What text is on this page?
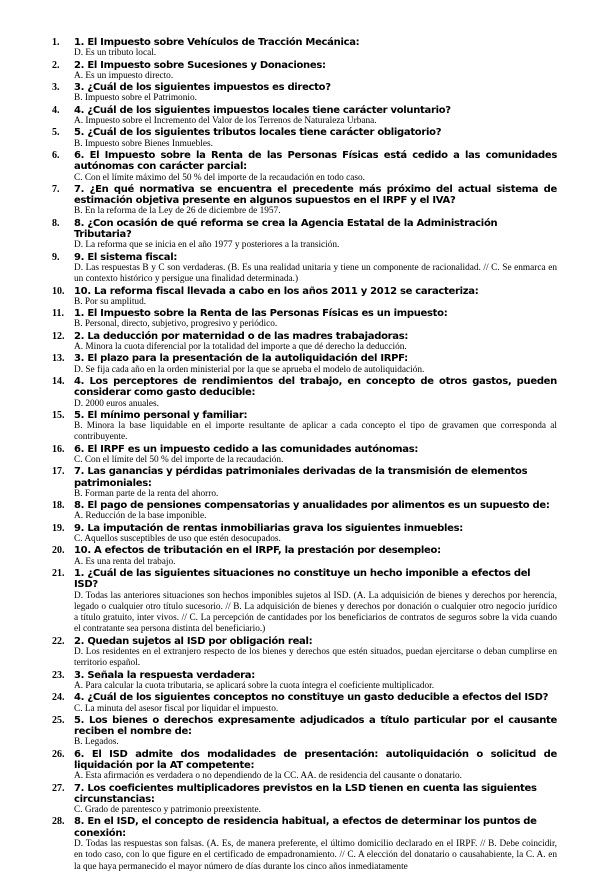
1.	1. El Impuesto sobre Vehículos de Tracción Mecánica:
D. Es un tributo local.
2.	2. El Impuesto sobre Sucesiones y Donaciones:
A. Es un impuesto directo.
3.	3. ¿Cuál de los siguientes impuestos es directo?
B. Impuesto sobre el Patrimonio.
4.	4. ¿Cuál de los siguientes impuestos locales tiene carácter voluntario?
A. Impuesto sobre el Incremento del Valor de los Terrenos de Naturaleza Urbana.
5.	5. ¿Cuál de los siguientes tributos locales tiene carácter obligatorio?
B. Impuesto sobre Bienes Inmuebles.
6.	6. El Impuesto sobre la Renta de las Personas Físicas está cedido a las comunidades autónomas con carácter parcial:
C. Con el límite máximo del 50 % del importe de la recaudación en todo caso.
7.	7. ¿En qué normativa se encuentra el precedente más próximo del actual sistema de estimación objetiva presente en algunos supuestos en el IRPF y el IVA?
B. En la reforma de la Ley de 26 de diciembre de 1957.
8.	8. ¿Con ocasión de qué reforma se crea la Agencia Estatal de la Administración Tributaria?
D. La reforma que se inicia en el año 1977 y posteriores a la transición.
9.	9. El sistema fiscal:
D. Las respuestas B y C son verdaderas. (B. Es una realidad unitaria y tiene un componente de racionalidad. // C. Se enmarca en un contexto histórico y persigue una finalidad determinada.)
10. 10. La reforma fiscal llevada a cabo en los años 2011 y 2012 se caracteriza:
B. Por su amplitud.
11.	1. El Impuesto sobre la Renta de las Personas Físicas es un impuesto:
B. Personal, directo, subjetivo, progresivo y periódico.
12. 2. La deducción por maternidad o de las madres trabajadoras:
A. Minora la cuota diferencial por la totalidad del importe a que dé derecho la deducción.
13. 3. El plazo para la presentación de la autoliquidación del IRPF:
D. Se fija cada año en la orden ministerial por la que se aprueba el modelo de autoliquidación.
14. 4. Los perceptores de rendimientos del trabajo, en concepto de otros gastos, pueden considerar como gasto deducible:
D. 2000 euros anuales.
15. 5. El mínimo personal y familiar:
B. Minora la base liquidable en el importe resultante de aplicar a cada concepto el tipo de gravamen que corresponda al contribuyente.
16. 6. El IRPF es un impuesto cedido a las comunidades autónomas:
C. Con el límite del 50 % del importe de la recaudación.
17. 7. Las ganancias y pérdidas patrimoniales derivadas de la transmisión de elementos patrimoniales:
B. Forman parte de la renta del ahorro.
18. 8. El pago de pensiones compensatorias y anualidades por alimentos es un supuesto de:
A. Reducción de la base imponible.
19. 9. La imputación de rentas inmobiliarias grava los siguientes inmuebles:
C. Aquellos susceptibles de uso que estén desocupados.
20. 10. A efectos de tributación en el IRPF, la prestación por desempleo:
A. Es una renta del trabajo.
21. 1. ¿Cuál de las siguientes situaciones no constituye un hecho imponible a efectos del ISD?
D. Todas las anteriores situaciones son hechos imponibles sujetos al ISD. (A. La adquisición de bienes y derechos por herencia, legado o cualquier otro título sucesorio. // B. La adquisición de bienes y derechos por donación o cualquier otro negocio jurídico a título gratuito, inter vivos. // C. La percepción de cantidades por los beneficiarios de contratos de seguros sobre la vida cuando el contratante sea persona distinta del beneficiario.)
22. 2. Quedan sujetos al ISD por obligación real:
D. Los residentes en el extranjero respecto de los bienes y derechos que estén situados, puedan ejercitarse o deban cumplirse en territorio español.
23. 3. Señala la respuesta verdadera:
A. Para calcular la cuota tributaria, se aplicará sobre la cuota íntegra el coeficiente multiplicador.
24. 4. ¿Cuál de los siguientes conceptos no constituye un gasto deducible a efectos del ISD?
C. La minuta del asesor fiscal por liquidar el impuesto.
25. 5. Los bienes o derechos expresamente adjudicados a título particular por el causante reciben el nombre de:
B. Legados.
26. 6. El ISD admite dos modalidades de presentación: autoliquidación o solicitud de liquidación por la AT competente:
A. Esta afirmación es verdadera o no dependiendo de la CC. AA. de residencia del causante o donatario.
27. 7. Los coeficientes multiplicadores previstos en la LSD tienen en cuenta las siguientes circunstancias:
C. Grado de parentesco y patrimonio preexistente.
28. 8. En el ISD, el concepto de residencia habitual, a efectos de determinar los puntos de conexión:
D. Todas las respuestas son falsas. (A. Es, de manera preferente, el último domicilio declarado en el IRPF. // B. Debe coincidir, en todo caso, con lo que figure en el certificado de empadronamiento. // C. A elección del donatario o causahabiente, la C. A. en la que haya permanecido el mayor número de días durante los cinco años inmediatamente
